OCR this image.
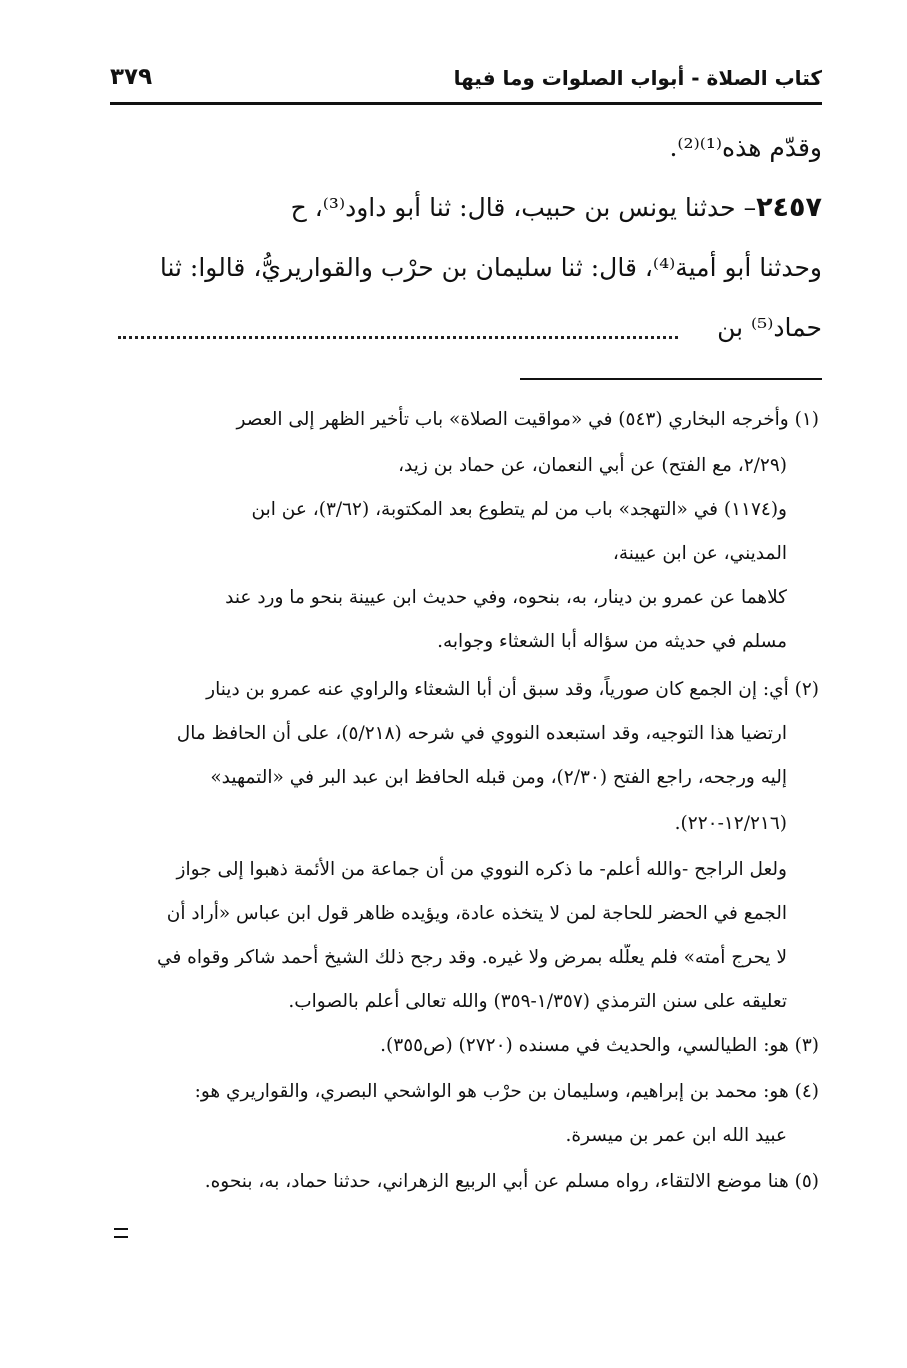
كتاب الصلاة - أبواب الصلوات وما فيها
٣٧٩
وقدّم هذه⁽¹⁾⁽²⁾.
٢٤٥٧– حدثنا يونس بن حبيب، قال: ثنا أبو داود⁽³⁾، ح
وحدثنا أبو أمية⁽⁴⁾، قال: ثنا سليمان بن حرْب والقواريريُّ، قالوا: ثنا
حماد⁽⁵⁾ بن
(١) وأخرجه البخاري (٥٤٣) في «مواقيت الصلاة» باب تأخير الظهر إلى العصر
(٢/٢٩، مع الفتح) عن أبي النعمان، عن حماد بن زيد،
و(١١٧٤) في «التهجد» باب من لم يتطوع بعد المكتوبة، (٣/٦٢)، عن ابن
المديني، عن ابن عيينة،
كلاهما عن عمرو بن دينار، به، بنحوه، وفي حديث ابن عيينة بنحو ما ورد عند
مسلم في حديثه من سؤاله أبا الشعثاء وجوابه.
(٢) أي: إن الجمع كان صورياً، وقد سبق أن أبا الشعثاء والراوي عنه عمرو بن دينار
ارتضيا هذا التوجيه، وقد استبعده النووي في شرحه (٥/٢١٨)، على أن الحافظ مال
إليه ورجحه، راجع الفتح (٢/٣٠)، ومن قبله الحافظ ابن عبد البر في «التمهيد»
(١٢/٢١٦-٢٢٠).
ولعل الراجح -والله أعلم- ما ذكره النووي من أن جماعة من الأئمة ذهبوا إلى جواز
الجمع في الحضر للحاجة لمن لا يتخذه عادة، ويؤيده ظاهر قول ابن عباس «أراد أن
لا يحرج أمته» فلم يعلّله بمرض ولا غيره. وقد رجح ذلك الشيخ أحمد شاكر وقواه في
تعليقه على سنن الترمذي (١/٣٥٧-٣٥٩) والله تعالى أعلم بالصواب.
(٣) هو: الطيالسي، والحديث في مسنده (٢٧٢٠) (ص٣٥٥).
(٤) هو: محمد بن إبراهيم، وسليمان بن حرْب هو الواشحي البصري، والقواريري هو:
عبيد الله ابن عمر بن ميسرة.
(٥) هنا موضع الالتقاء، رواه مسلم عن أبي الربيع الزهراني، حدثنا حماد، به، بنحوه.
